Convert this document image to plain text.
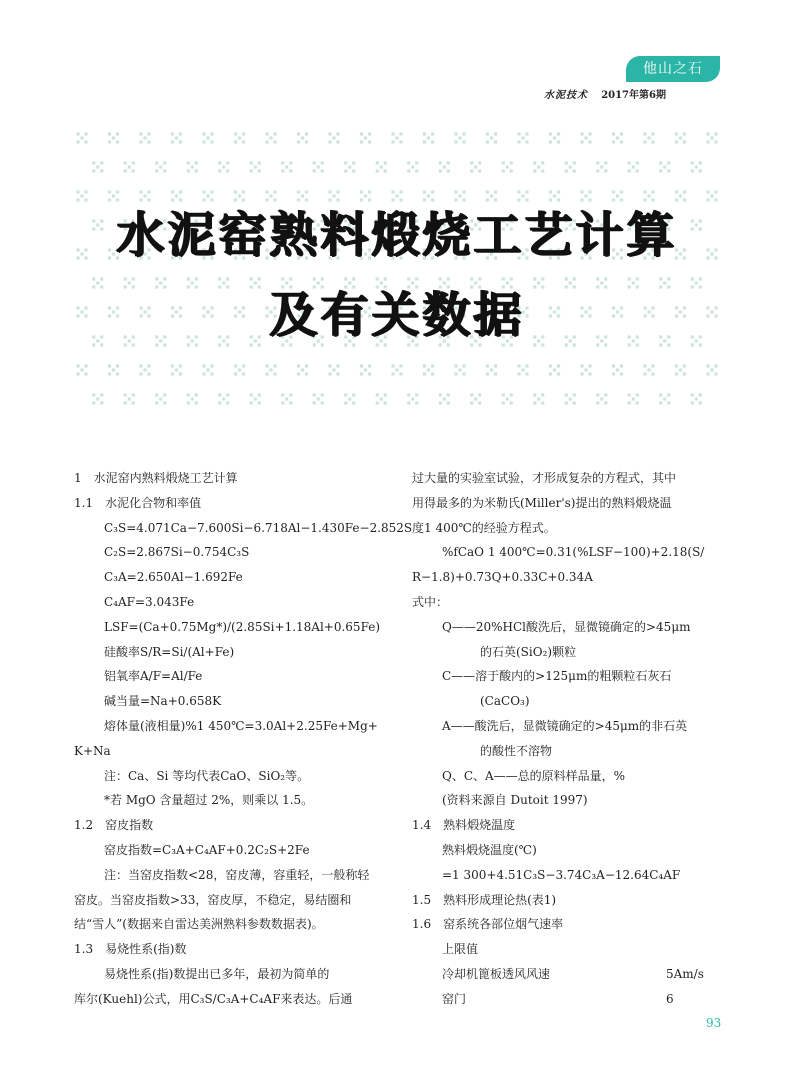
他山之石
水泥技术 2017年第6期
水泥窑熟料煅烧工艺计算
及有关数据

1　水泥窑内熟料煅烧工艺计算

1.1　水泥化合物和率值

C₃S=4.071Ca−7.600Si−6.718Al−1.430Fe−2.852S

C₂S=2.867Si−0.754C₃S

C₃A=2.650Al−1.692Fe

C₄AF=3.043Fe

LSF=(Ca+0.75Mg*)/(2.85Si+1.18Al+0.65Fe)

硅酸率S/R=Si/(Al+Fe)

铝氧率A/F=Al/Fe

碱当量=Na+0.658K

熔体量(液相量)%1 450℃=3.0Al+2.25Fe+Mg+

K+Na

注：Ca、Si 等均代表CaO、SiO₂等。

*若 MgO 含量超过 2%，则乘以 1.5。

1.2　窑皮指数

窑皮指数=C₃A+C₄AF+0.2C₂S+2Fe

注：当窑皮指数<28，窑皮薄，容重轻，一般称轻

窑皮。当窑皮指数>33，窑皮厚，不稳定，易结圈和

结“雪人”(数据来自雷达美洲熟料参数数据表)。

1.3　易烧性系(指)数

易烧性系(指)数提出已多年，最初为简单的

库尔(Kuehl)公式，用C₃S/C₃A+C₄AF来表达。后通

过大量的实验室试验，才形成复杂的方程式，其中

用得最多的为米勒氏(Miller's)提出的熟料煅烧温

度1 400℃的经验方程式。

%fCaO 1 400℃=0.31(%LSF−100)+2.18(S/

R−1.8)+0.73Q+0.33C+0.34A

式中：

Q——20%HCl酸洗后，显微镜确定的>45μm

的石英(SiO₂)颗粒

C——溶于酸内的>125μm的粗颗粒石灰石

(CaCO₃)

A——酸洗后，显微镜确定的>45μm的非石英

的酸性不溶物

Q、C、A——总的原料样品量，%

(资料来源自 Dutoit 1997)

1.4　熟料煅烧温度

熟料煅烧温度(℃)

=1 300+4.51C₃S−3.74C₃A−12.64C₄AF

1.5　熟料形成理论热(表1)

1.6　窑系统各部位烟气速率

上限值

冷却机篦板透风风速	5Am/s
窑门	6
93
